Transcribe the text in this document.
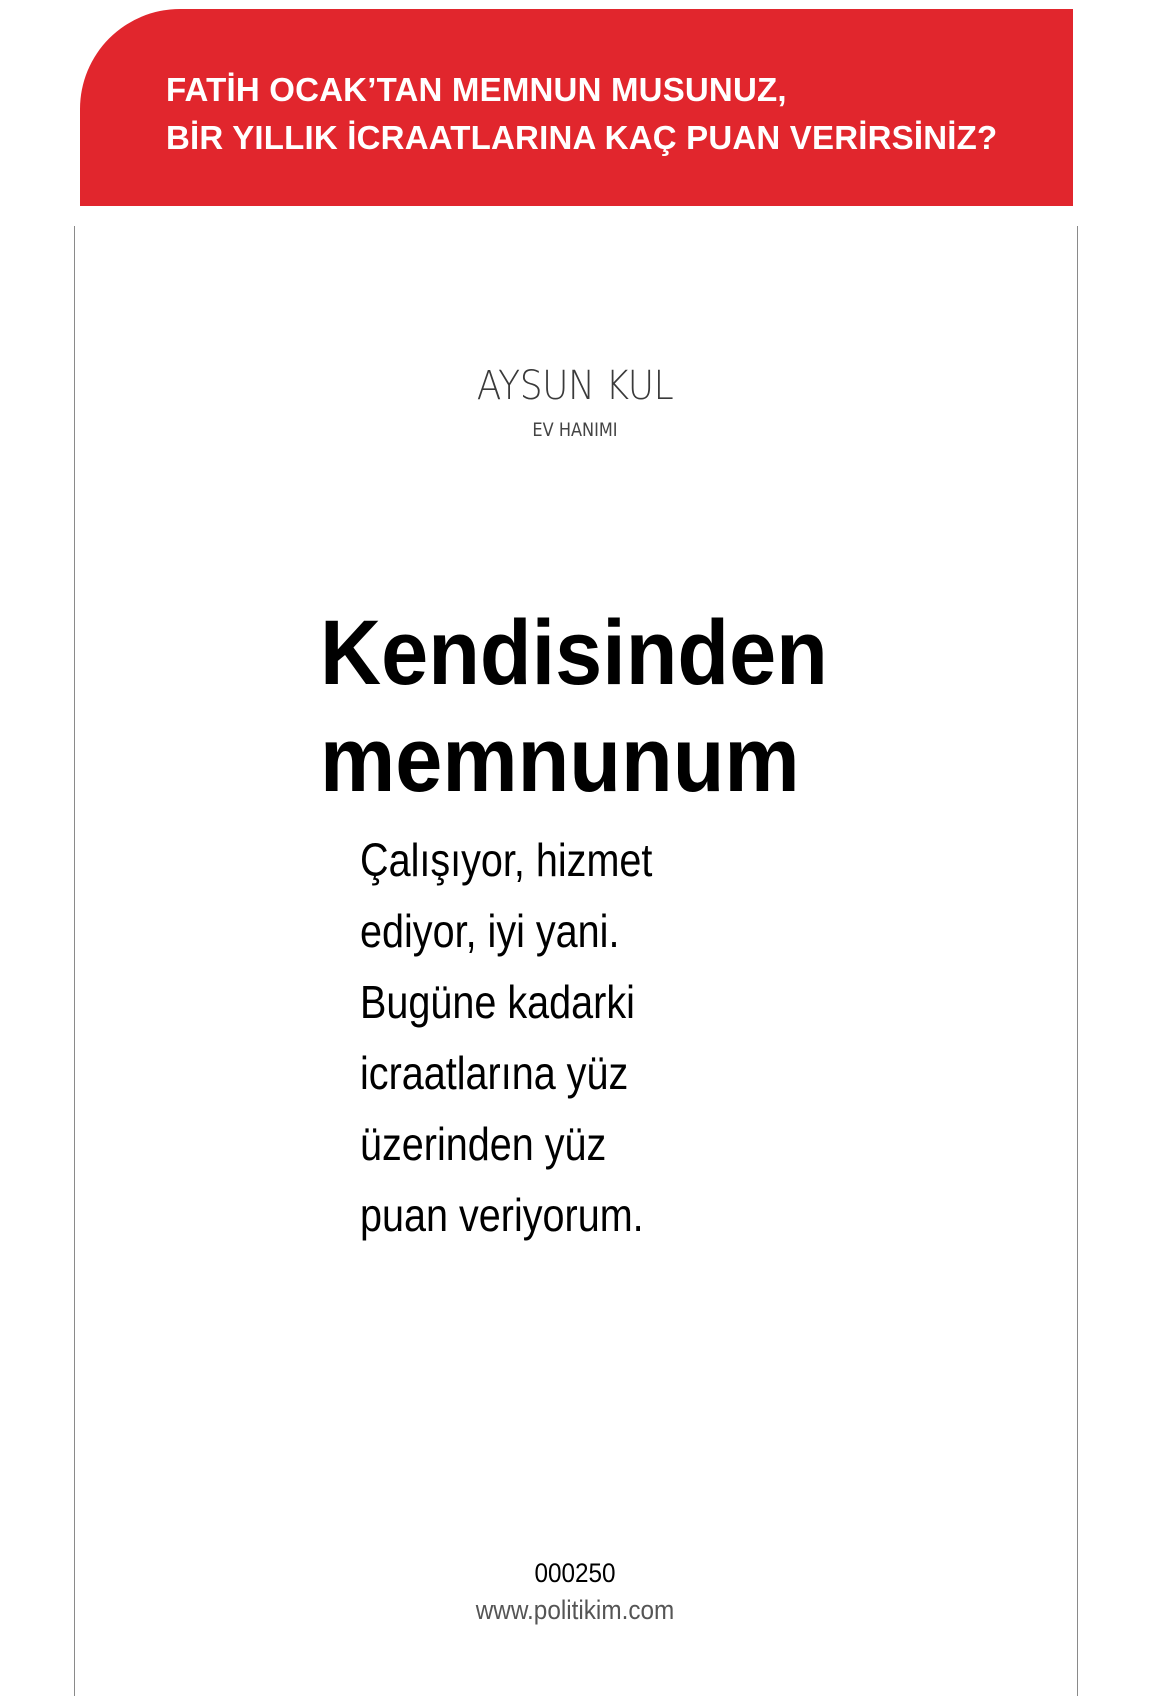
FATİH OCAK’TAN MEMNUN MUSUNUZ,
BİR YILLIK İCRAATLARINA KAÇ PUAN VERİRSİNİZ?
AYSUN KUL
EV HANIMI
Kendisinden
memnunum
Çalışıyor, hizmet
ediyor, iyi yani.
Bugüne kadarki
icraatlarına yüz
üzerinden yüz
puan veriyorum.
000250
www.politikim.com
